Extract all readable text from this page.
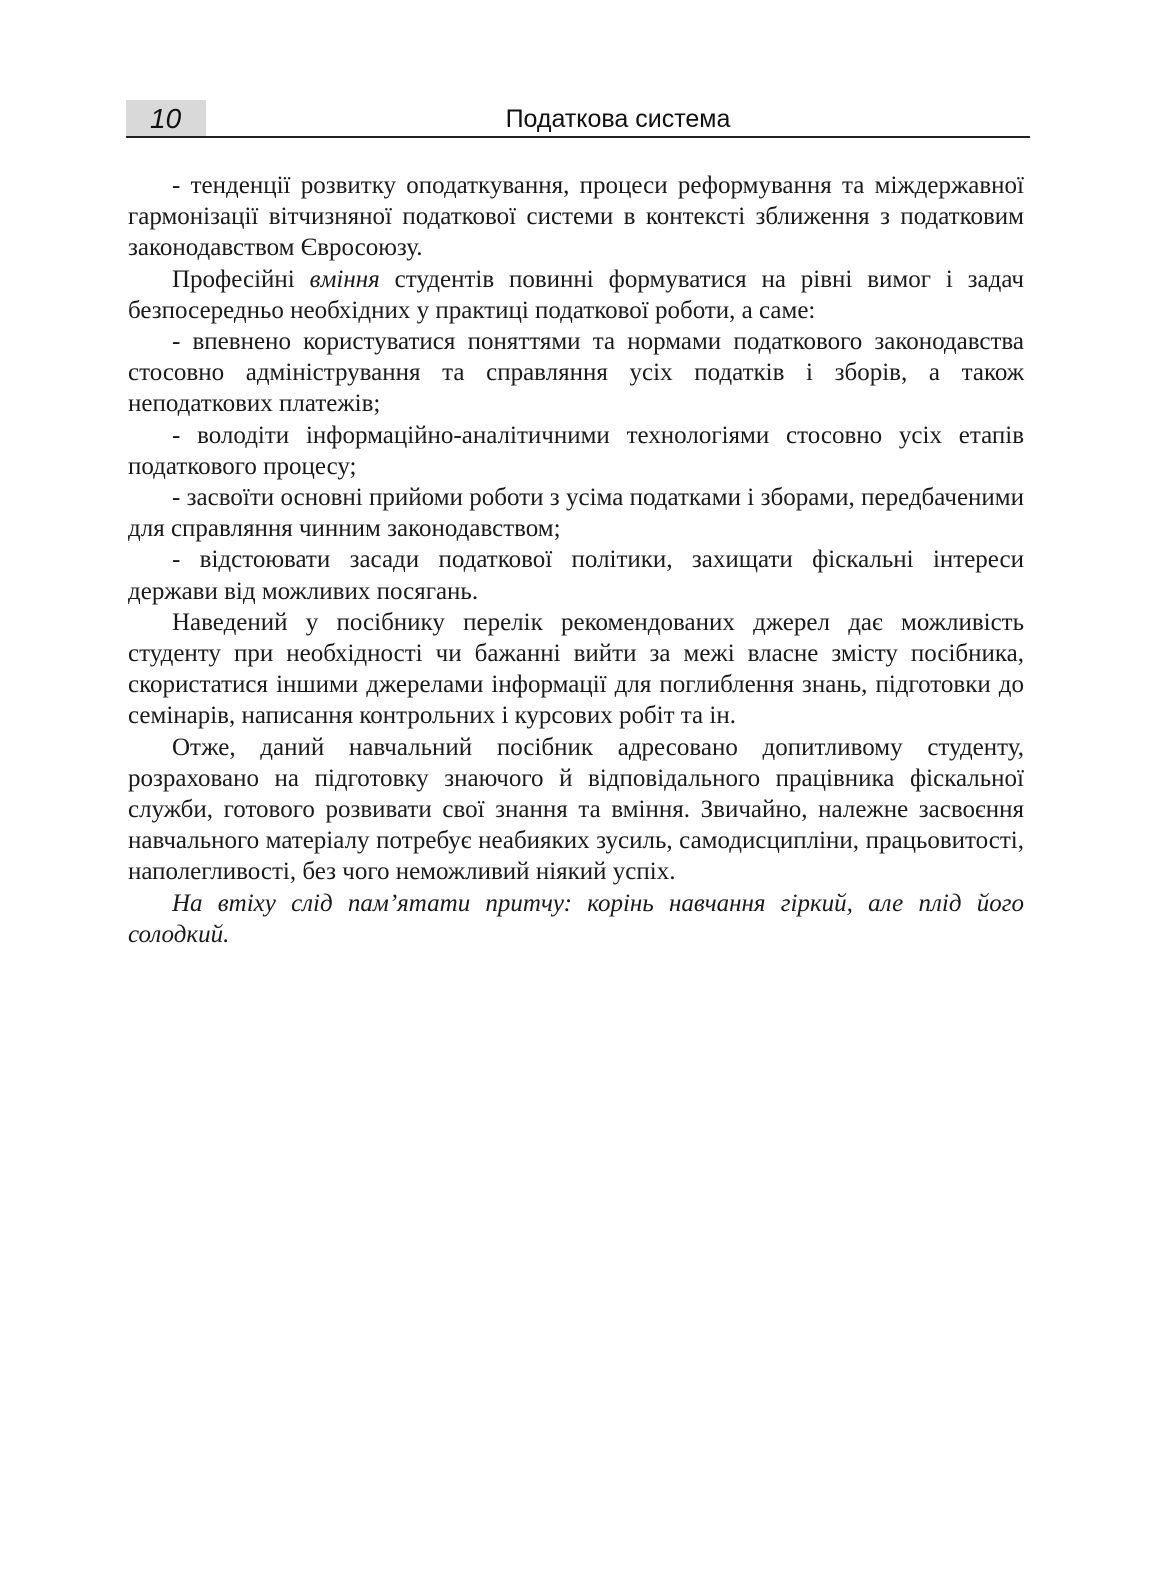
10	Податкова система

- тенденції розвитку оподаткування, процеси реформування та міждержавної гармонізації вітчизняної податкової системи в контексті зближення з податковим законодавством Євросоюзу.

Професійні вміння студентів повинні формуватися на рівні вимог і задач безпосередньо необхідних у практиці податкової роботи, а саме:

- впевнено користуватися поняттями та нормами податкового законодавства стосовно адміністрування та справляння усіх податків і зборів, а також неподаткових платежів;

- володіти інформаційно-аналітичними технологіями стосовно усіх етапів податкового процесу;

- засвоїти основні прийоми роботи з усіма податками і зборами, передбаченими для справляння чинним законодавством;

- відстоювати засади податкової політики, захищати фіскальні інтереси держави від можливих посягань.

Наведений у посібнику перелік рекомендованих джерел дає можливість студенту при необхідності чи бажанні вийти за межі власне змісту посібника, скористатися іншими джерелами інформації для поглиблення знань, підготовки до семінарів, написання контрольних і курсових робіт та ін.

Отже, даний навчальний посібник адресовано допитливому студенту, розраховано на підготовку знаючого й відповідального працівника фіскальної служби, готового розвивати свої знання та вміння. Звичайно, належне засвоєння навчального матеріалу потребує неабияких зусиль, самодисципліни, працьовитості, наполегливості, без чого неможливий ніякий успіх.

На втіху слід пам’ятати притчу: корінь навчання гіркий, але плід його солодкий.
